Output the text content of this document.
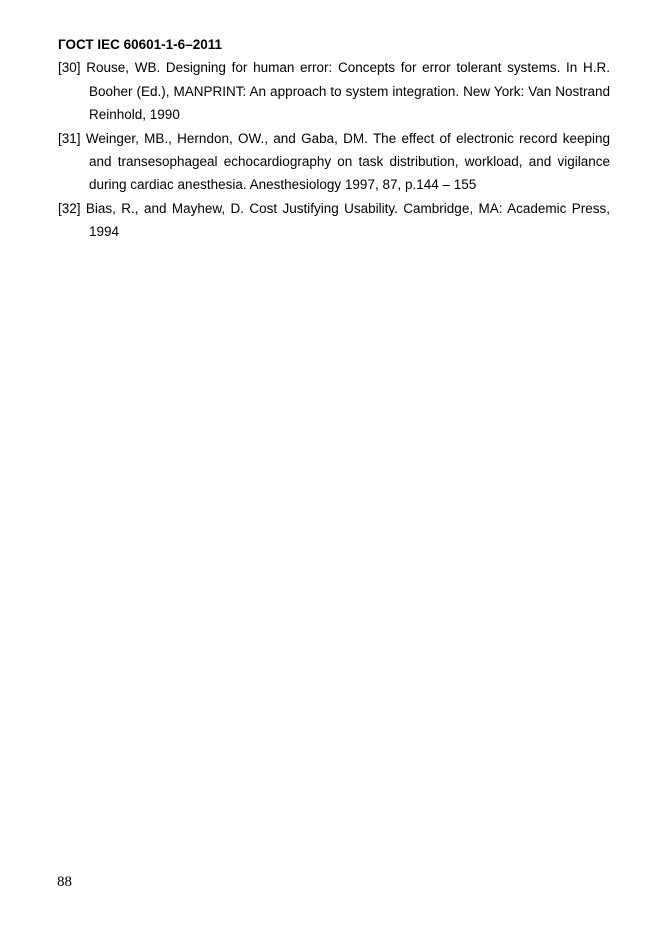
ГОСТ IEC 60601-1-6–2011
[30] Rouse, WB. Designing for human error: Concepts for error tolerant systems. In H.R.
Booher (Ed.), MANPRINT: An approach to system integration. New York: Van Nostrand
Reinhold, 1990
[31] Weinger, MB., Herndon, OW., and Gaba, DM. The effect of electronic record keeping
and transesophageal echocardiography on task distribution, workload, and vigilance
during cardiac anesthesia. Anesthesiology 1997, 87, p.144 – 155
[32] Bias, R., and Mayhew, D. Cost Justifying Usability. Cambridge, MA: Academic Press,
1994
88
